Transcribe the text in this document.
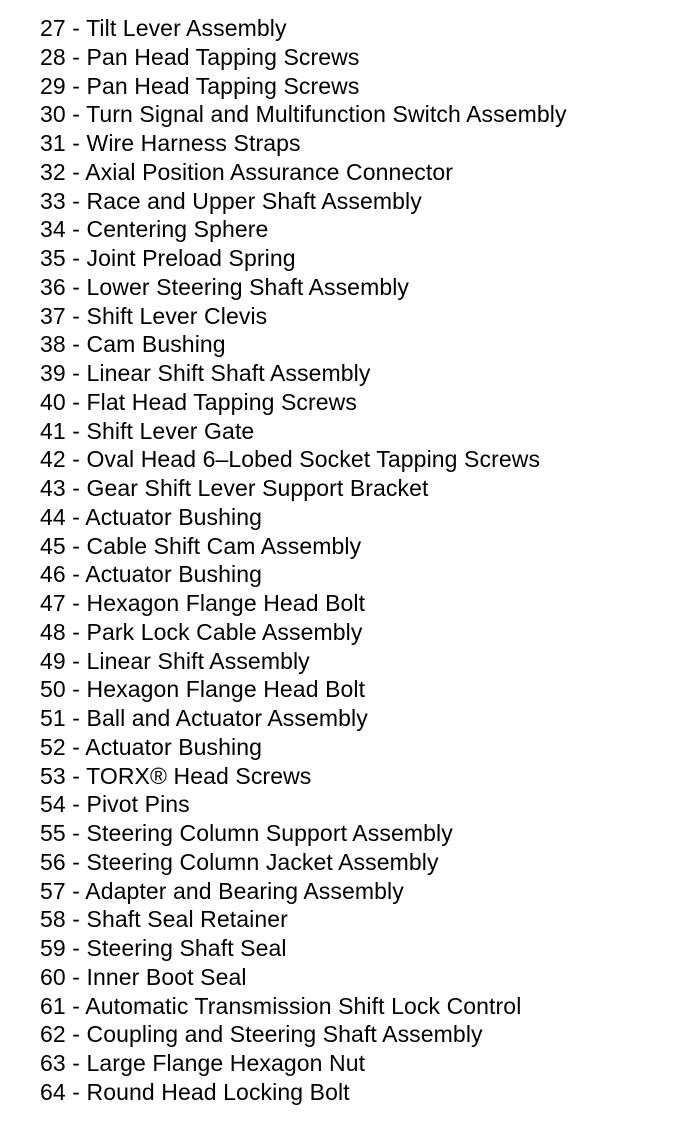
27 - Tilt Lever Assembly
28 - Pan Head Tapping Screws
29 - Pan Head Tapping Screws
30 - Turn Signal and Multifunction Switch Assembly
31 - Wire Harness Straps
32 - Axial Position Assurance Connector
33 - Race and Upper Shaft Assembly
34 - Centering Sphere
35 - Joint Preload Spring
36 - Lower Steering Shaft Assembly
37 - Shift Lever Clevis
38 - Cam Bushing
39 - Linear Shift Shaft Assembly
40 - Flat Head Tapping Screws
41 - Shift Lever Gate
42 - Oval Head 6–Lobed Socket Tapping Screws
43 - Gear Shift Lever Support Bracket
44 - Actuator Bushing
45 - Cable Shift Cam Assembly
46 - Actuator Bushing
47 - Hexagon Flange Head Bolt
48 - Park Lock Cable Assembly
49 - Linear Shift Assembly
50 - Hexagon Flange Head Bolt
51 - Ball and Actuator Assembly
52 - Actuator Bushing
53 - TORX® Head Screws
54 - Pivot Pins
55 - Steering Column Support Assembly
56 - Steering Column Jacket Assembly
57 - Adapter and Bearing Assembly
58 - Shaft Seal Retainer
59 - Steering Shaft Seal
60 - Inner Boot Seal
61 - Automatic Transmission Shift Lock Control
62 - Coupling and Steering Shaft Assembly
63 - Large Flange Hexagon Nut
64 - Round Head Locking Bolt
